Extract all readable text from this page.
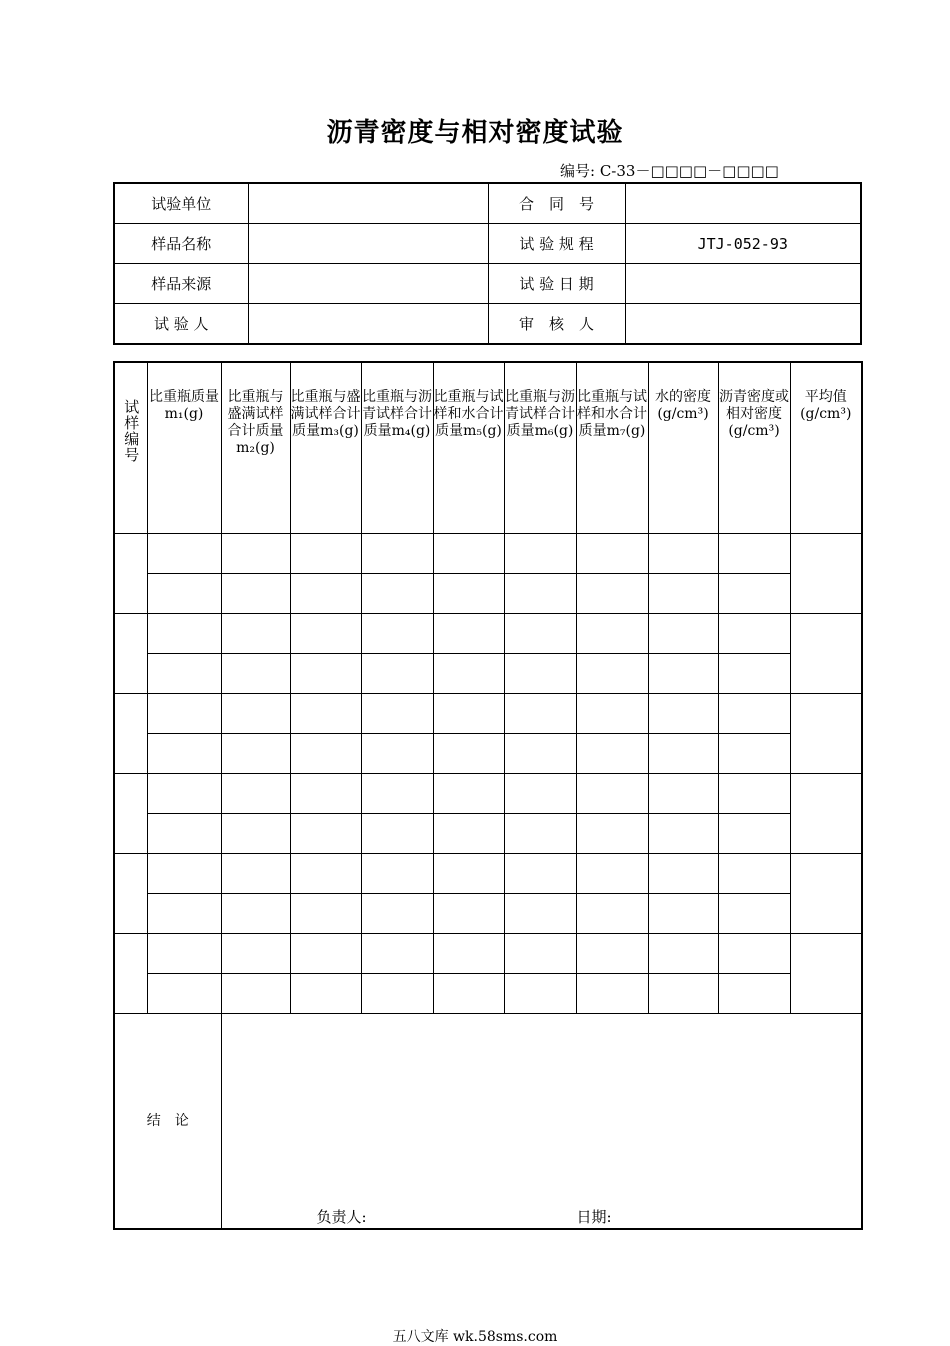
沥青密度与相对密度试验
编号: C-33－□□□□－□□□□
试验单位		合　同　号	
样品名称		试 验 规 程	JTJ-052-93
样品来源		试 验 日 期	
试 验 人		审　核　人	
试样编号	比重瓶质量m₁(g)	比重瓶与盛满试样合计质量m₂(g)	比重瓶与盛满试样合计质量m₃(g)	比重瓶与沥青试样合计质量m₄(g)	比重瓶与试样和水合计质量m₅(g)	比重瓶与沥青试样合计质量m₆(g)	比重瓶与试样和水合计质量m₇(g)	水的密度(g/cm³)	沥青密度或相对密度(g/cm³)	平均值(g/cm³)

结　论		负责人: 日期:								
五八文库 wk.58sms.com
